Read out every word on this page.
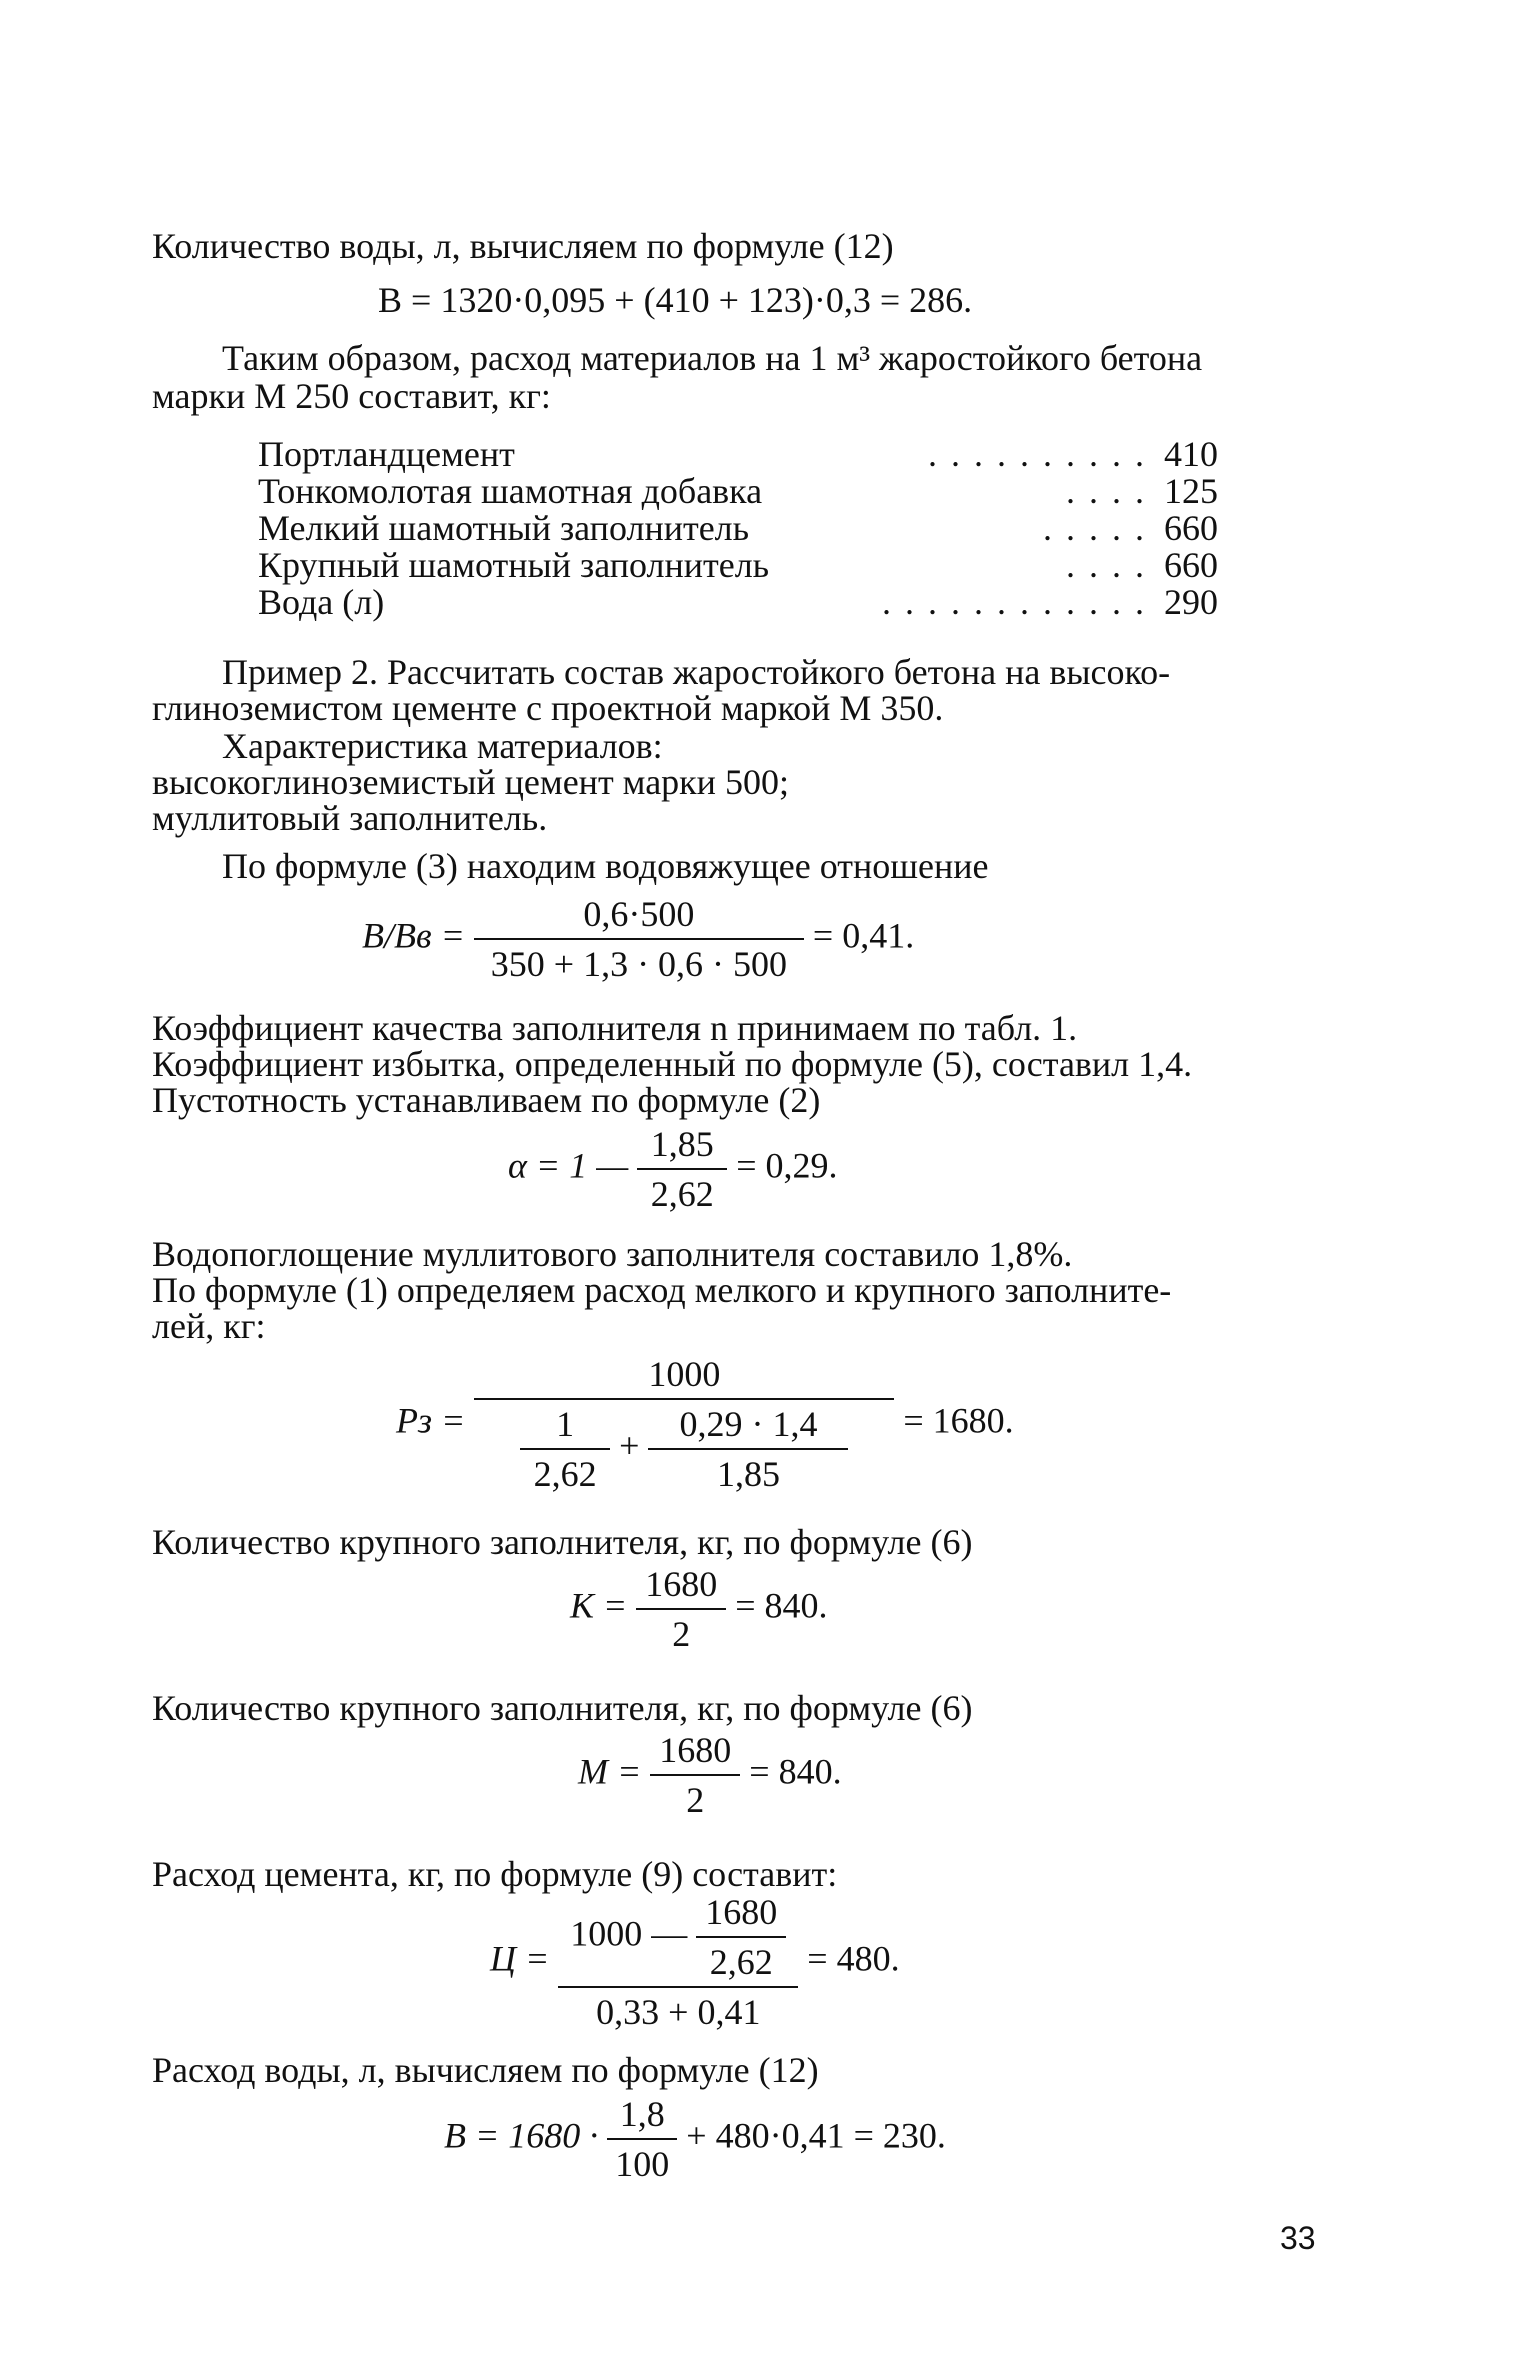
Количество воды, л, вычисляем по формуле (12)
В = 1320·0,095 + (410 + 123)·0,3 = 286.
Таким образом, расход материалов на 1 м³ жаростойкого бетона
марки М 250 составит, кг:
Портландцемент	.......... 410
Тонкомолотая шамотная добавка	.... 125
Мелкий шамотный заполнитель	..... 660
Крупный шамотный заполнитель	.... 660
Вода (л)	............ 290
Пример 2. Рассчитать состав жаростойкого бетона на высоко-
глиноземистом цементе с проектной маркой М 350.
Характеристика материалов:
высокоглиноземистый цемент марки 500;
муллитовый заполнитель.
По формуле (3) находим водовяжущее отношение
$В/Вв = \frac{0,6\cdot 500}{350 + 1,3 \cdot 0,6 \cdot 500} = 0,41$.
Коэффициент качества заполнителя n принимаем по табл. 1.
Коэффициент избытка, определенный по формуле (5), составил 1,4.
Пустотность устанавливаем по формуле (2)
α = 1 — $\frac{1,85}{2,62} = 0,29$.
Водопоглощение муллитового заполнителя составило 1,8%.
По формуле (1) определяем расход мелкого и крупного заполните-
лей, кг:
Рз =
1000
$\frac{1}{2,62} + \frac{0,29 \cdot 1,4}{1,85} = 1680$.
Количество крупного заполнителя, кг, по формуле (6)
$К = \frac{1680}{2} = 840$.
Количество крупного заполнителя, кг, по формуле (6)
$М = \frac{1680}{2} = 840$.
Расход цемента, кг, по формуле (9) составит:
$Ц = \frac{1000 — \frac{1680}{2,62}}{0,33 + 0,41} = 480$.
Расход воды, л, вычисляем по формуле (12)
$В = 1680 \cdot \frac{1,8}{100} + 480\cdot 0,41 = 230$.
33
